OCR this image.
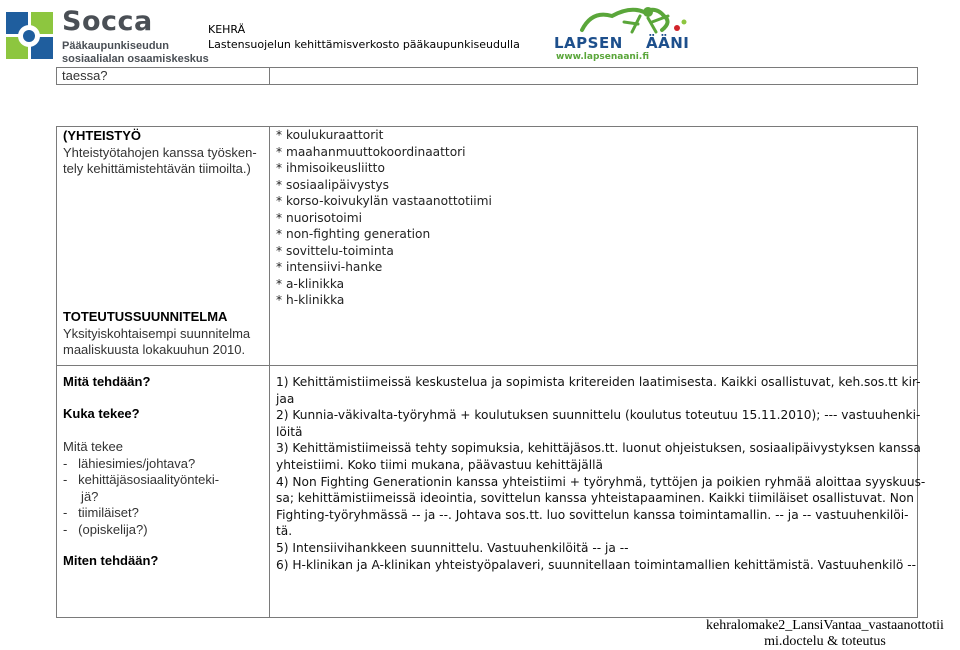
Socca
Pääkaupunkiseudun
sosiaalialan osaamiskeskus
KEHRÄ
Lastensuojelun kehittämisverkosto pääkaupunkiseudulla LAPSEN ÄÄNI
www.lapsenaani.fi
taessa?
(YHTEISTYÖ
Yhteistyötahojen kanssa työsken-
tely kehittämistehtävän tiimoilta.)
* koulukuraattorit
* maahanmuuttokoordinaattori
* ihmisoikeusliitto
* sosiaalipäivystys
* korso-koivukylän vastaanottotiimi
* nuorisotoimi
* non-fighting generation
* sovittelu-toiminta
* intensiivi-hanke
* a-klinikka
* h-klinikka
TOTEUTUSSUUNNITELMA
Yksityiskohtaisempi suunnitelma
maaliskuusta lokakuuhun 2010.
Mitä tehdään?
Kuka tekee?
Mitä tekee
-   lähiesimies/johtava?
-   kehittäjäsosiaalityönteki-
jä?
-   tiimiläiset?
-   (opiskelija?)
Miten tehdään?
1) Kehittämistiimeissä keskustelua ja sopimista kritereiden laatimisesta. Kaikki osallistuvat, keh.sos.tt kir-
jaa
2) Kunnia-väkivalta-työryhmä + koulutuksen suunnittelu (koulutus toteutuu 15.11.2010); --- vastuuhenki-
löitä
3) Kehittämistiimeissä tehty sopimuksia, kehittäjäsos.tt. luonut ohjeistuksen, sosiaalipäivystyksen kanssa
yhteistiimi. Koko tiimi mukana, päävastuu kehittäjällä
4) Non Fighting Generationin kanssa yhteistiimi + työryhmä, tyttöjen ja poikien ryhmää aloittaa syyskuus-
sa; kehittämistiimeissä ideointia, sovittelun kanssa yhteistapaaminen. Kaikki tiimiläiset osallistuvat. Non
Fighting-työryhmässä -- ja --. Johtava sos.tt. luo sovittelun kanssa toimintamallin. -- ja -- vastuuhenkilöi-
tä.
5) Intensiivihankkeen suunnittelu. Vastuuhenkilöitä -- ja --
6) H-klinikan ja A-klinikan yhteistyöpalaveri, suunnitellaan toimintamallien kehittämistä. Vastuuhenkilö --
kehralomake2_LansiVantaa_vastaanottotii
mi.doctelu & toteutus
